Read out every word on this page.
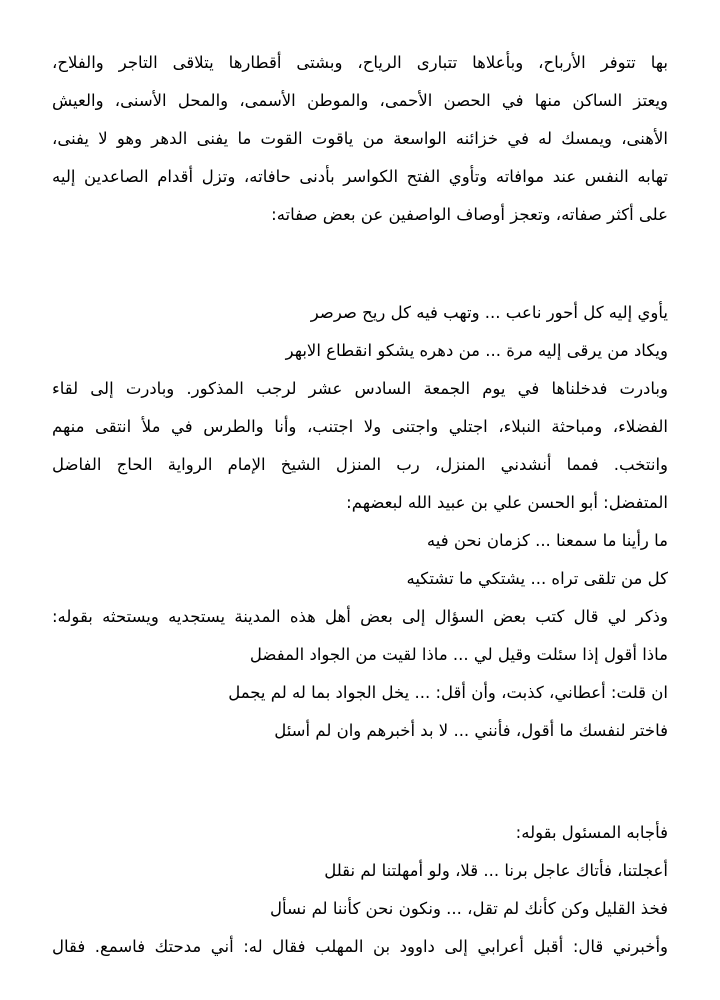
بها تتوفر الأرباح، وبأعلاها تتبارى الرياح، وبشتى أقطارها يتلاقى التاجر والفلاح،
ويعتز الساكن منها في الحصن الأحمى، والموطن الأسمى، والمحل الأسنى، والعيش
الأهنى، ويمسك له في خزائنه الواسعة من ياقوت القوت ما يفنى الدهر وهو لا يفنى،
تهابه النفس عند موافاته وتأوي الفتح الكواسر بأدنى حافاته، وتزل أقدام الصاعدين إليه
على أكثر صفاته، وتعجز أوصاف الواصفين عن بعض صفاته:
يأوي إليه كل أحور ناعب ... وتهب فيه كل ريح صرصر
ويكاد من يرقى إليه مرة ... من دهره يشكو انقطاع الابهر
وبادرت فدخلناها في يوم الجمعة السادس عشر لرجب المذكور. وبادرت إلى لقاء
الفضلاء، ومباحثة النبلاء، اجتلي واجتنى ولا اجتنب، وأنا والطرس في ملأ انتقى منهم
وانتخب. فمما أنشدني المنزل، رب المنزل الشيخ الإمام الرواية الحاج الفاضل
المتفضل: أبو الحسن علي بن عبيد الله لبعضهم:
ما رأينا ما سمعنا ... كزمان نحن فيه
كل من تلقى تراه ... يشتكي ما تشتكيه
وذكر لي قال كتب بعض السؤال إلى بعض أهل هذه المدينة يستجديه ويستحثه بقوله:
ماذا أقول إذا سئلت وقيل لي ... ماذا لقيت من الجواد المفضل
ان قلت: أعطاني، كذبت، وأن أقل: ... يخل الجواد بما له لم يجمل
فاختر لنفسك ما أقول، فأنني ... لا بد أخبرهم وان لم أسئل
فأجابه المسئول بقوله:
أعجلتنا، فأتاك عاجل برنا ... قلا، ولو أمهلتنا لم نقلل
فخذ القليل وكن كأنك لم تقل، ... ونكون نحن كأننا لم نسأل
وأخبرني قال: أقبل أعرابي إلى داوود بن المهلب فقال له: أني مدحتك فاسمع. فقال
